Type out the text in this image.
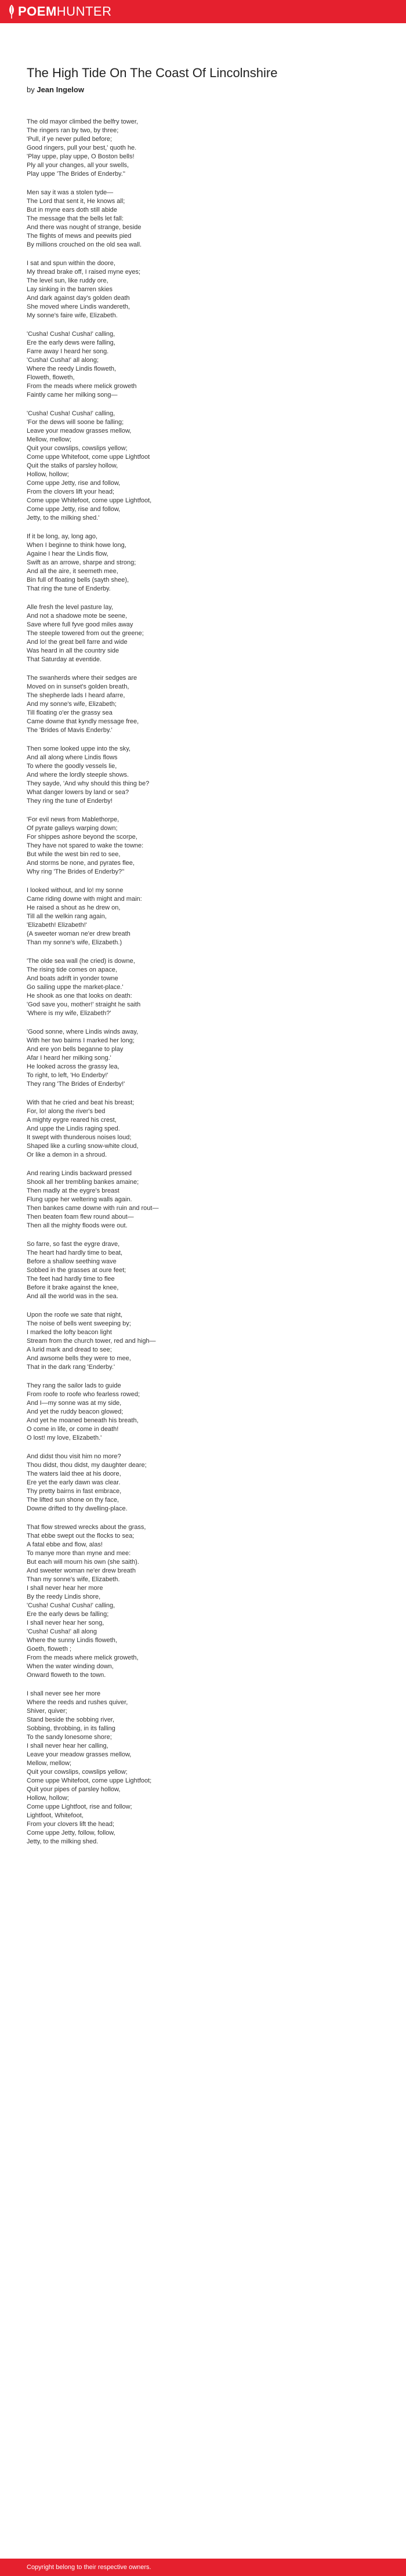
POEMHUNTER
The High Tide On The Coast Of Lincolnshire
by Jean Ingelow
The old mayor climbed the belfry tower,
The ringers ran by two, by three;
'Pull, if ye never pulled before;
Good ringers, pull your best,' quoth he.
'Play uppe, play uppe, O Boston bells!
Ply all your changes, all your swells,
Play uppe 'The Brides of Enderby.''
Men say it was a stolen tyde—
The Lord that sent it, He knows all;
But in myne ears doth still abide
The message that the bells let fall:
And there was nought of strange, beside
The flights of mews and peewits pied
By millions crouched on the old sea wall.
I sat and spun within the doore,
My thread brake off, I raised myne eyes;
The level sun, like ruddy ore,
Lay sinking in the barren skies
And dark against day's golden death
She moved where Lindis wandereth,
My sonne's faire wife, Elizabeth.
'Cusha! Cusha! Cusha!' calling,
Ere the early dews were falling,
Farre away I heard her song.
'Cusha! Cusha!' all along;
Where the reedy Lindis floweth,
Floweth, floweth,
From the meads where melick groweth
Faintly came her milking song—
'Cusha! Cusha! Cusha!' calling,
'For the dews will soone be falling;
Leave your meadow grasses mellow,
Mellow, mellow;
Quit your cowslips, cowslips yellow;
Come uppe Whitefoot, come uppe Lightfoot
Quit the stalks of parsley hollow,
Hollow, hollow;
Come uppe Jetty, rise and follow,
From the clovers lift your head;
Come uppe Whitefoot, come uppe Lightfoot,
Come uppe Jetty, rise and follow,
Jetty, to the milking shed.'
If it be long, ay, long ago,
When I beginne to think howe long,
Againe I hear the Lindis flow,
Swift as an arrowe, sharpe and strong;
And all the aire, it seemeth mee,
Bin full of floating bells (sayth shee),
That ring the tune of Enderby.
Alle fresh the level pasture lay,
And not a shadowe mote be seene,
Save where full fyve good miles away
The steeple towered from out the greene;
And lo! the great bell farre and wide
Was heard in all the country side
That Saturday at eventide.
The swanherds where their sedges are
Moved on in sunset's golden breath,
The shepherde lads I heard afarre,
And my sonne's wife, Elizabeth;
Till floating o'er the grassy sea
Came downe that kyndly message free,
The 'Brides of Mavis Enderby.'
Then some looked uppe into the sky,
And all along where Lindis flows
To where the goodly vessels lie,
And where the lordly steeple shows.
They sayde, 'And why should this thing be?
What danger lowers by land or sea?
They ring the tune of Enderby!
'For evil news from Mablethorpe,
Of pyrate galleys warping down;
For shippes ashore beyond the scorpe,
They have not spared to wake the towne:
But while the west bin red to see,
And storms be none, and pyrates flee,
Why ring 'The Brides of Enderby?''
I looked without, and lo! my sonne
Came riding downe with might and main:
He raised a shout as he drew on,
Till all the welkin rang again,
'Elizabeth! Elizabeth!'
(A sweeter woman ne'er drew breath
Than my sonne's wife, Elizabeth.)
'The olde sea wall (he cried) is downe,
The rising tide comes on apace,
And boats adrift in yonder towne
Go sailing uppe the market-place.'
He shook as one that looks on death:
'God save you, mother!' straight he saith
'Where is my wife, Elizabeth?'
'Good sonne, where Lindis winds away,
With her two bairns I marked her long;
And ere yon bells beganne to play
Afar I heard her milking song.'
He looked across the grassy lea,
To right, to left, 'Ho Enderby!'
They rang 'The Brides of Enderby!'
With that he cried and beat his breast;
For, lo! along the river's bed
A mighty eygre reared his crest,
And uppe the Lindis raging sped.
It swept with thunderous noises loud;
Shaped like a curling snow-white cloud,
Or like a demon in a shroud.
And rearing Lindis backward pressed
Shook all her trembling bankes amaine;
Then madly at the eygre's breast
Flung uppe her weltering walls again.
Then bankes came downe with ruin and rout—
Then beaten foam flew round about—
Then all the mighty floods were out.
So farre, so fast the eygre drave,
The heart had hardly time to beat,
Before a shallow seething wave
Sobbed in the grasses at oure feet;
The feet had hardly time to flee
Before it brake against the knee,
And all the world was in the sea.
Upon the roofe we sate that night,
The noise of bells went sweeping by;
I marked the lofty beacon light
Stream from the church tower, red and high—
A lurid mark and dread to see;
And awsome bells they were to mee,
That in the dark rang 'Enderby.'
They rang the sailor lads to guide
From roofe to roofe who fearless rowed;
And I—my sonne was at my side,
And yet the ruddy beacon glowed;
And yet he moaned beneath his breath,
O come in life, or come in death!
O lost! my love, Elizabeth.'
And didst thou visit him no more?
Thou didst, thou didst, my daughter deare;
The waters laid thee at his doore,
Ere yet the early dawn was clear.
Thy pretty bairns in fast embrace,
The lifted sun shone on thy face,
Downe drifted to thy dwelling-place.
That flow strewed wrecks about the grass,
That ebbe swept out the flocks to sea;
A fatal ebbe and flow, alas!
To manye more than myne and mee:
But each will mourn his own (she saith).
And sweeter woman ne'er drew breath
Than my sonne's wife, Elizabeth.
I shall never hear her more
By the reedy Lindis shore,
'Cusha! Cusha! Cusha!' calling,
Ere the early dews be falling;
I shall never hear her song,
'Cusha! Cusha!' all along
Where the sunny Lindis floweth,
Goeth, floweth ;
From the meads where melick groweth,
When the water winding down,
Onward floweth to the town.
I shall never see her more
Where the reeds and rushes quiver,
Shiver, quiver;
Stand beside the sobbing river,
Sobbing, throbbing, in its falling
To the sandy lonesome shore;
I shall never hear her calling,
Leave your meadow grasses mellow,
Mellow, mellow;
Quit your cowslips, cowslips yellow;
Come uppe Whitefoot, come uppe Lightfoot;
Quit your pipes of parsley hollow,
Hollow, hollow;
Come uppe Lightfoot, rise and follow;
Lightfoot, Whitefoot,
From your clovers lift the head;
Come uppe Jetty, follow, follow,
Jetty, to the milking shed.
Copyright belong to their respective owners.
